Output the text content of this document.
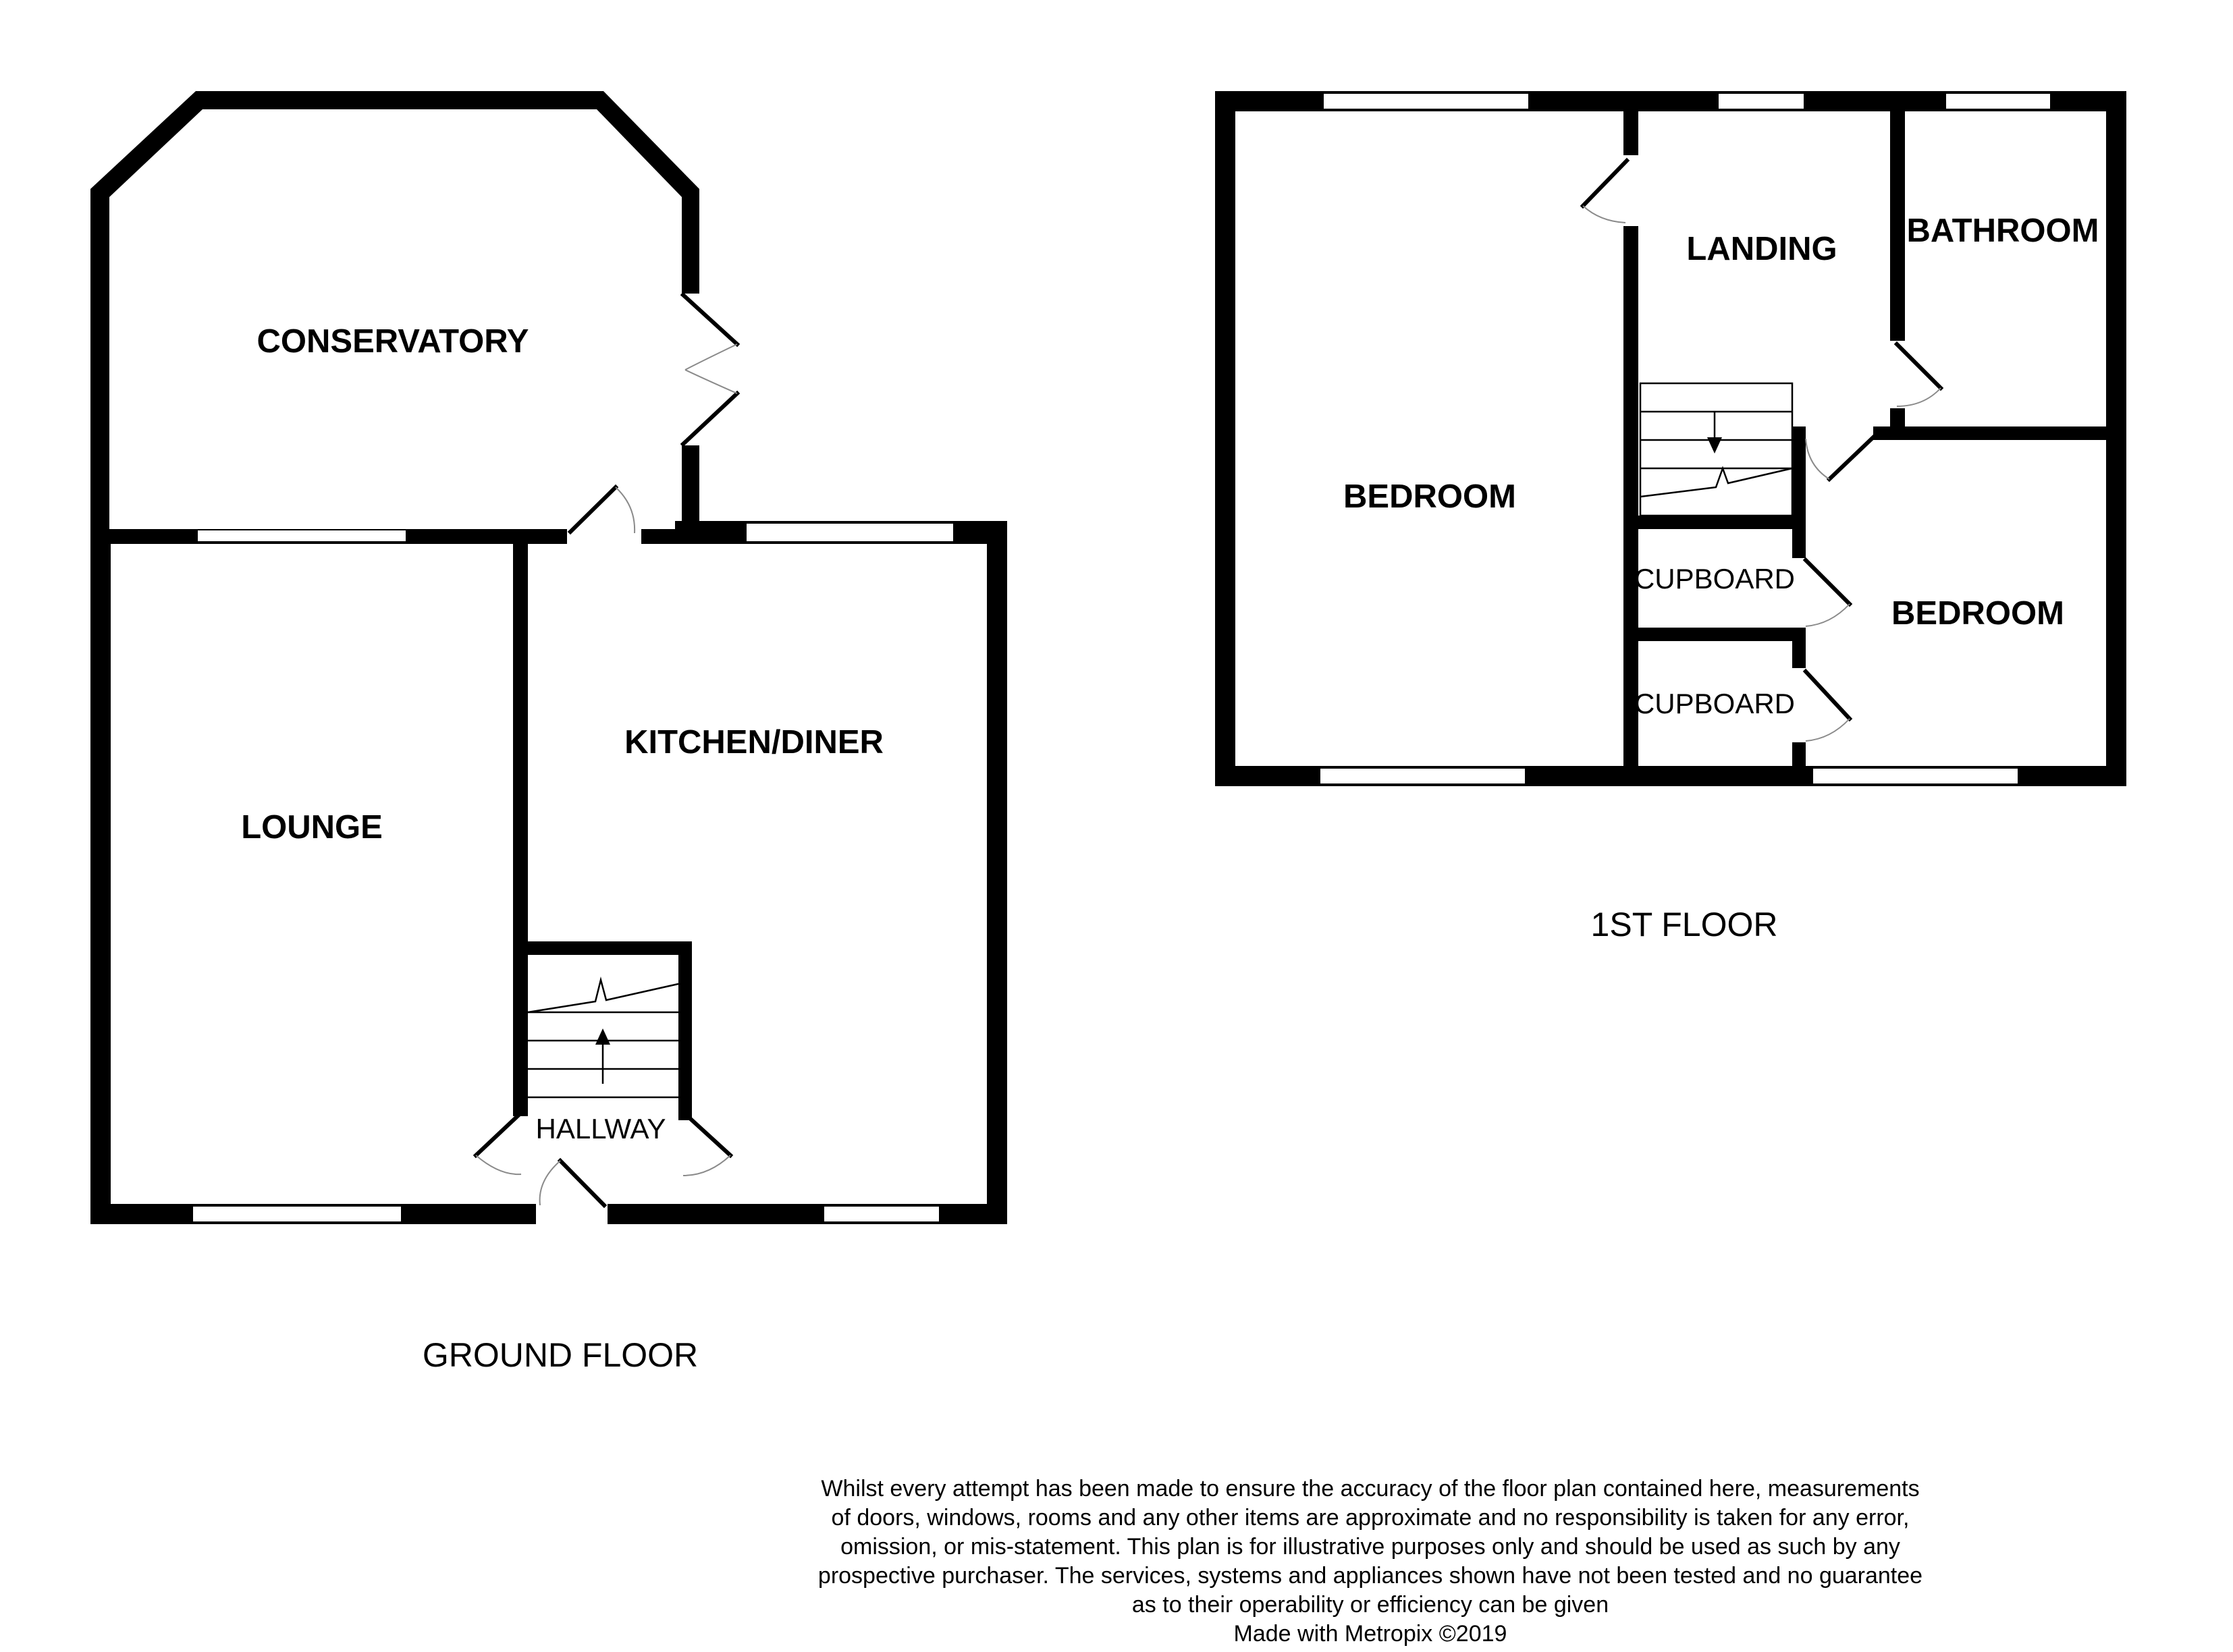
CONSERVATORY
LOUNGE
KITCHEN/DINER
HALLWAY
GROUND FLOOR
BEDROOM
LANDING BATHROOM
CUPBOARD
CUPBOARD
BEDROOM
1ST FLOOR
Whilst every attempt has been made to ensure the accuracy of the floor plan contained here, measurements
of doors, windows, rooms and any other items are approximate and no responsibility is taken for any error,
omission, or mis-statement. This plan is for illustrative purposes only and should be used as such by any
prospective purchaser. The services, systems and appliances shown have not been tested and no guarantee
as to their operability or efficiency can be given
Made with Metropix ©2019
